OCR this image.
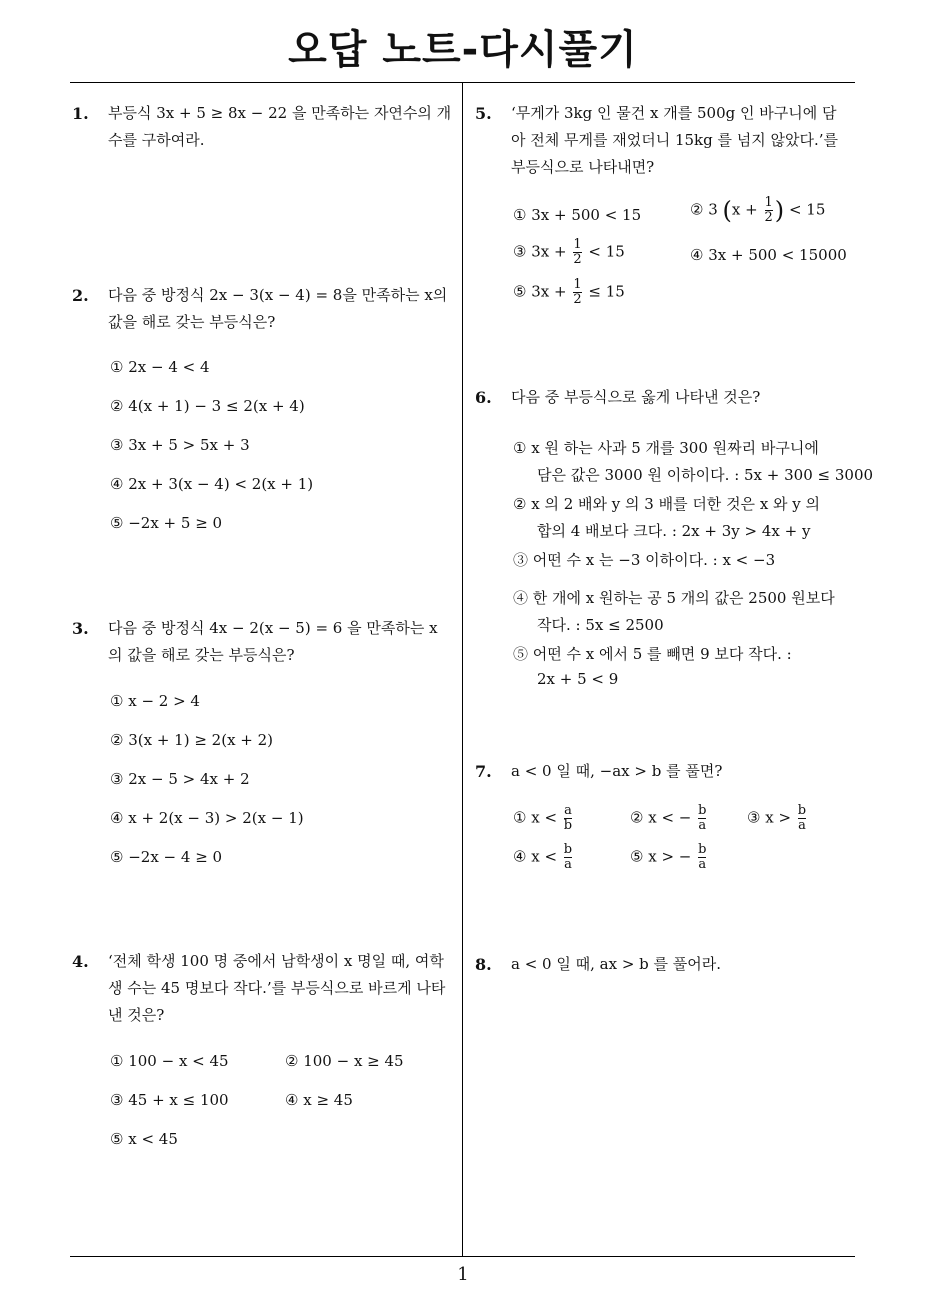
오답 노트-다시풀기
1
1. 부등식 3x + 5 ≥ 8x − 22 을 만족하는 자연수의 개수를 구하여라.
2. 다음 중 방정식 2x − 3(x − 4) = 8을 만족하는 x의 값을 해로 갖는 부등식은?
① 2x − 4 < 4
② 4(x + 1) − 3 ≤ 2(x + 4)
③ 3x + 5 > 5x + 3
④ 2x + 3(x − 4) < 2(x + 1)
⑤ −2x + 5 ≥ 0
3. 다음 중 방정식 4x − 2(x − 5) = 6 을 만족하는 x 의 값을 해로 갖는 부등식은?
① x − 2 > 4
② 3(x + 1) ≥ 2(x + 2)
③ 2x − 5 > 4x + 2
④ x + 2(x − 3) > 2(x − 1)
⑤ −2x − 4 ≥ 0
4. ‘전체 학생 100 명 중에서 남학생이 x 명일 때, 여학생 수는 45 명보다 작다.’를 부등식으로 바르게 나타낸 것은?
① 100 − x < 45	② 100 − x ≥ 45
③ 45 + x ≤ 100	④ x ≥ 45
⑤ x < 45
5. ‘무게가 3kg 인 물건 x 개를 500g 인 바구니에 담아 전체 무게를 재었더니 15kg 를 넘지 않았다.’를 부등식으로 나타내면?
① 3x + 500 < 15	② 3 ($x + \frac{1}{2}$ ) < 15
③ $3x + \frac{1}{2} < 15$	④ 3x + 500 < 15000
⑤ $3x + \frac{1}{2} \le 15$
6. 다음 중 부등식으로 옳게 나타낸 것은?
① x 원 하는 사과 5 개를 300 원짜리 바구니에
담은 값은 3000 원 이하이다. : 5x + 300 ≤ 3000
② x 의 2 배와 y 의 3 배를 더한 것은 x 와 y 의
합의 4 배보다 크다. : 2x + 3y > 4x + y
③ 어떤 수 x 는 −3 이하이다. : x < −3
④ 한 개에 x 원하는 공 5 개의 값은 2500 원보다
작다. : 5x ≤ 2500
⑤ 어떤 수 x 에서 5 를 빼면 9 보다 작다. :
2x + 5 < 9
7. a < 0 일 때, −ax > b 를 풀면?
① $x < \frac{a}{b}$	② x < − $\frac{b}{a}$	③ $x > \frac{b}{a}$
④ $x < \frac{b}{a}$	⑤ x > − $\frac{b}{a}$
8. a < 0 일 때, ax > b 를 풀어라.
